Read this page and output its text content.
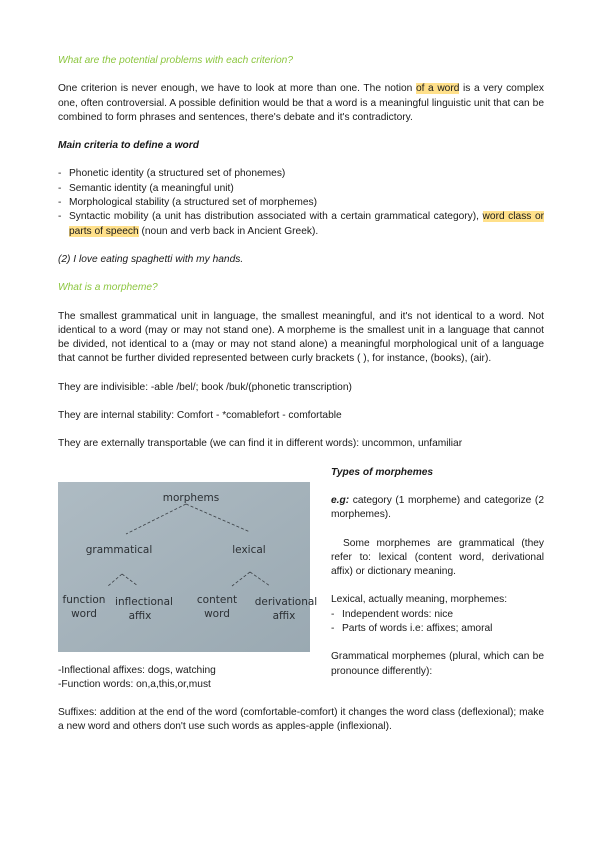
What are the potential problems with each criterion?

One criterion is never enough, we have to look at more than one. The notion of a word is a very complex one, often controversial. A possible definition would be that a word is a meaningful linguistic unit that can be combined to form phrases and sentences, there's debate and it's contradictory.

Main criteria to define a word

- Phonetic identity (a structured set of phonemes)
- Semantic identity (a meaningful unit)
- Morphological stability (a structured set of morphemes)
- Syntactic mobility (a unit has distribution associated with a certain grammatical category), word class or parts of speech (noun and verb back in Ancient Greek).

(2) I love eating spaghetti with my hands.

What is a morpheme?

The smallest grammatical unit in language, the smallest meaningful, and it's not identical to a word. Not identical to a word (may or may not stand one). A morpheme is the smallest unit in a language that cannot be divided, not identical to a (may or may not stand alone) a meaningful morphological unit of a language that cannot be further divided represented between curly brackets ( ), for instance, (books), (air).

They are indivisible: -able /bel/; book /buk/(phonetic transcription)

They are internal stability: Comfort - *comablefort - comfortable

They are externally transportable (we can find it in different words): uncommon, unfamiliar

morphems
grammatical	lexical
function
word
inflectional
affix
content
word
derivational
affix

Types of morphemes

e.g: category (1 morpheme) and categorize (2 morphemes).

Some morphemes are grammatical (they refer to: lexical (content word, derivational affix) or dictionary meaning.

Lexical, actually meaning, morphemes:

- Independent words: nice
- Parts of words i.e: affixes; amoral

Grammatical morphemes (plural, which can be pronounce differently):

-Inflectional affixes: dogs, watching

-Function words: on,a,this,or,must

Suffixes: addition at the end of the word (comfortable-comfort) it changes the word class (deflexional); make a new word and others don't use such words as apples-apple (inflexional).
